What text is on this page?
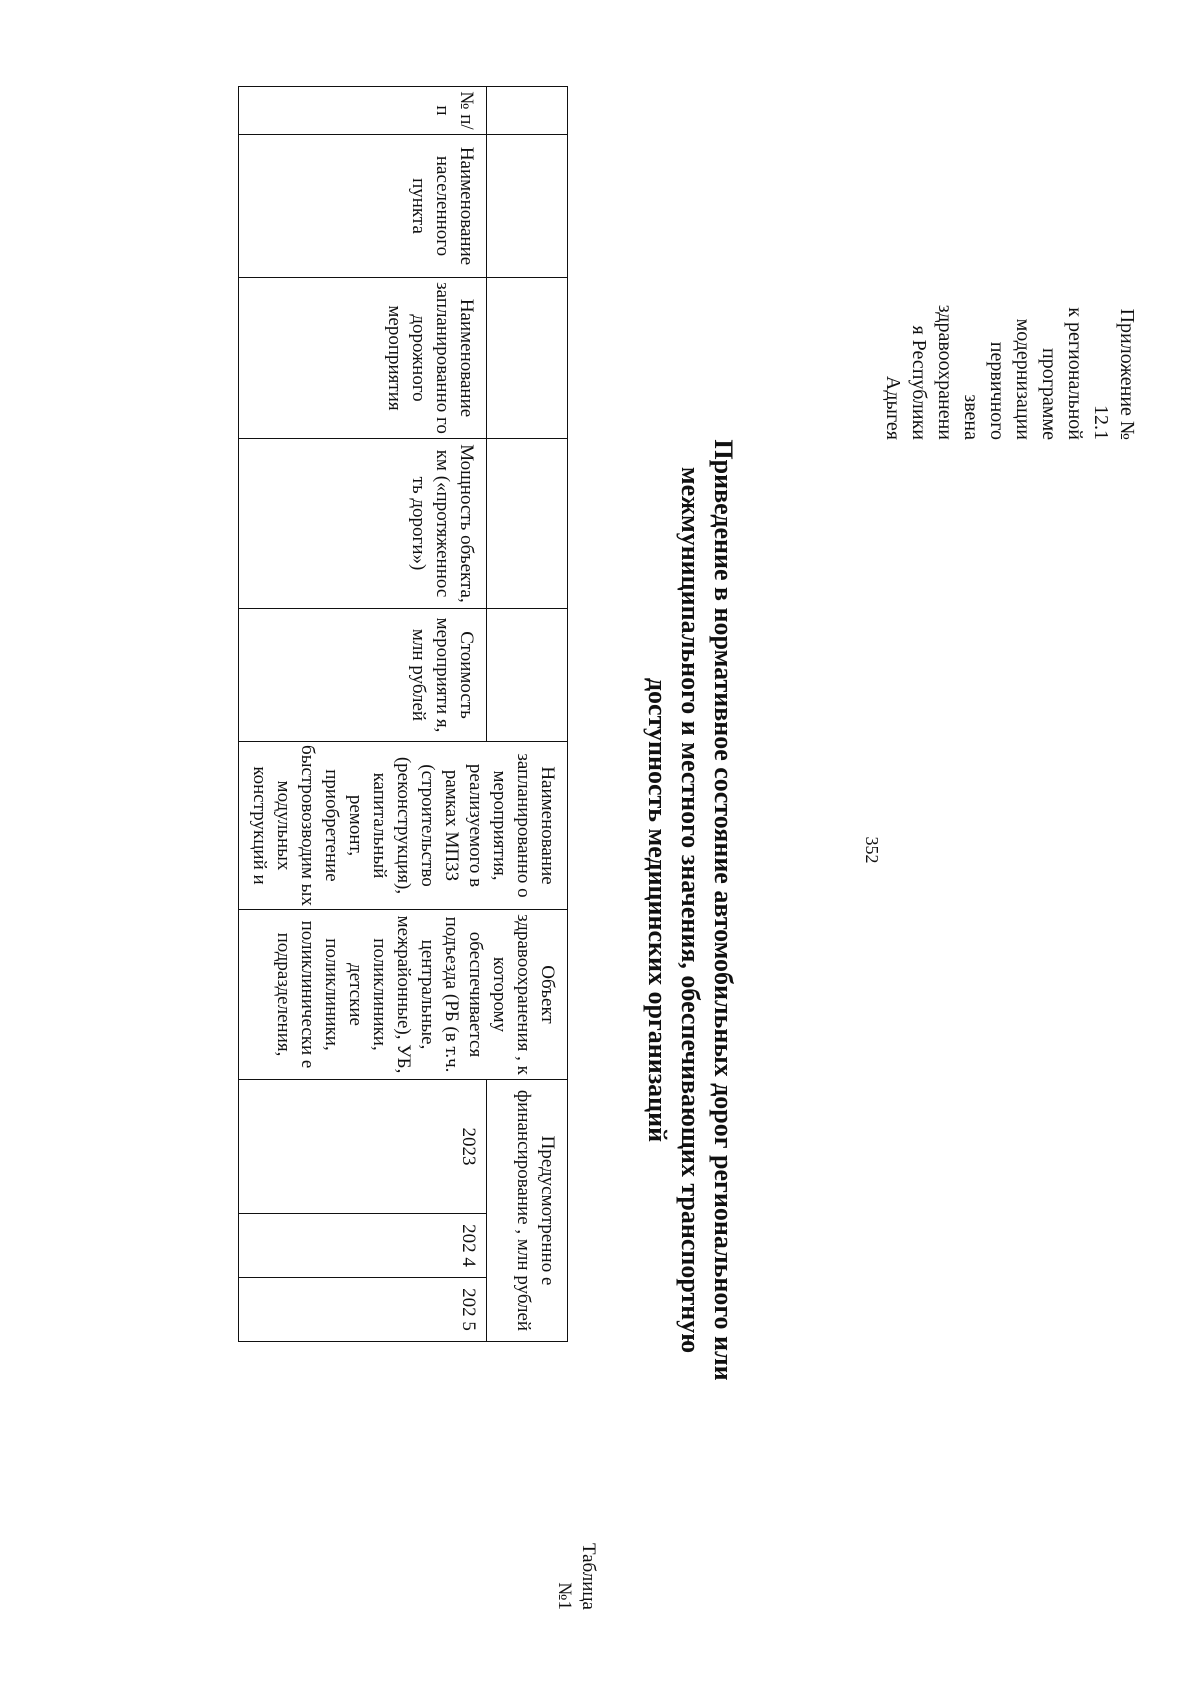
352
Приложение №
12.1
к региональной
программе
модернизации
первичного
звена
здравоохранени
я Республики
Адыгея
Приведение в нормативное состояние автомобильных дорог регионального или
межмуниципального и местного значения, обеспечивающих транспортную
доступность медицинских организаций
Таблица
№1
					Наименование запланированно о мероприятия, реализуемого в рамках МПЗЗ (строительство (реконструкция), капитальный ремонт, приобретение быстровозводим ых модульных конструкций и	Объект здравоохранения , к которому обеспечивается подъезда (РБ (в т.ч. центральные, межрайонные), УБ, поликлиники, детские поликлиники, поликлинически е подразделения,	Предусмотренно е финансирование , млн рублей		
№ п/ п	Наименование населенного пункта	Наименование запланированно го дорожного мероприятия	Мощность объекта, км («протяженнос ть дороги»)	Стоимость мероприяти я, млн рублей			2023	202 4	202 5
